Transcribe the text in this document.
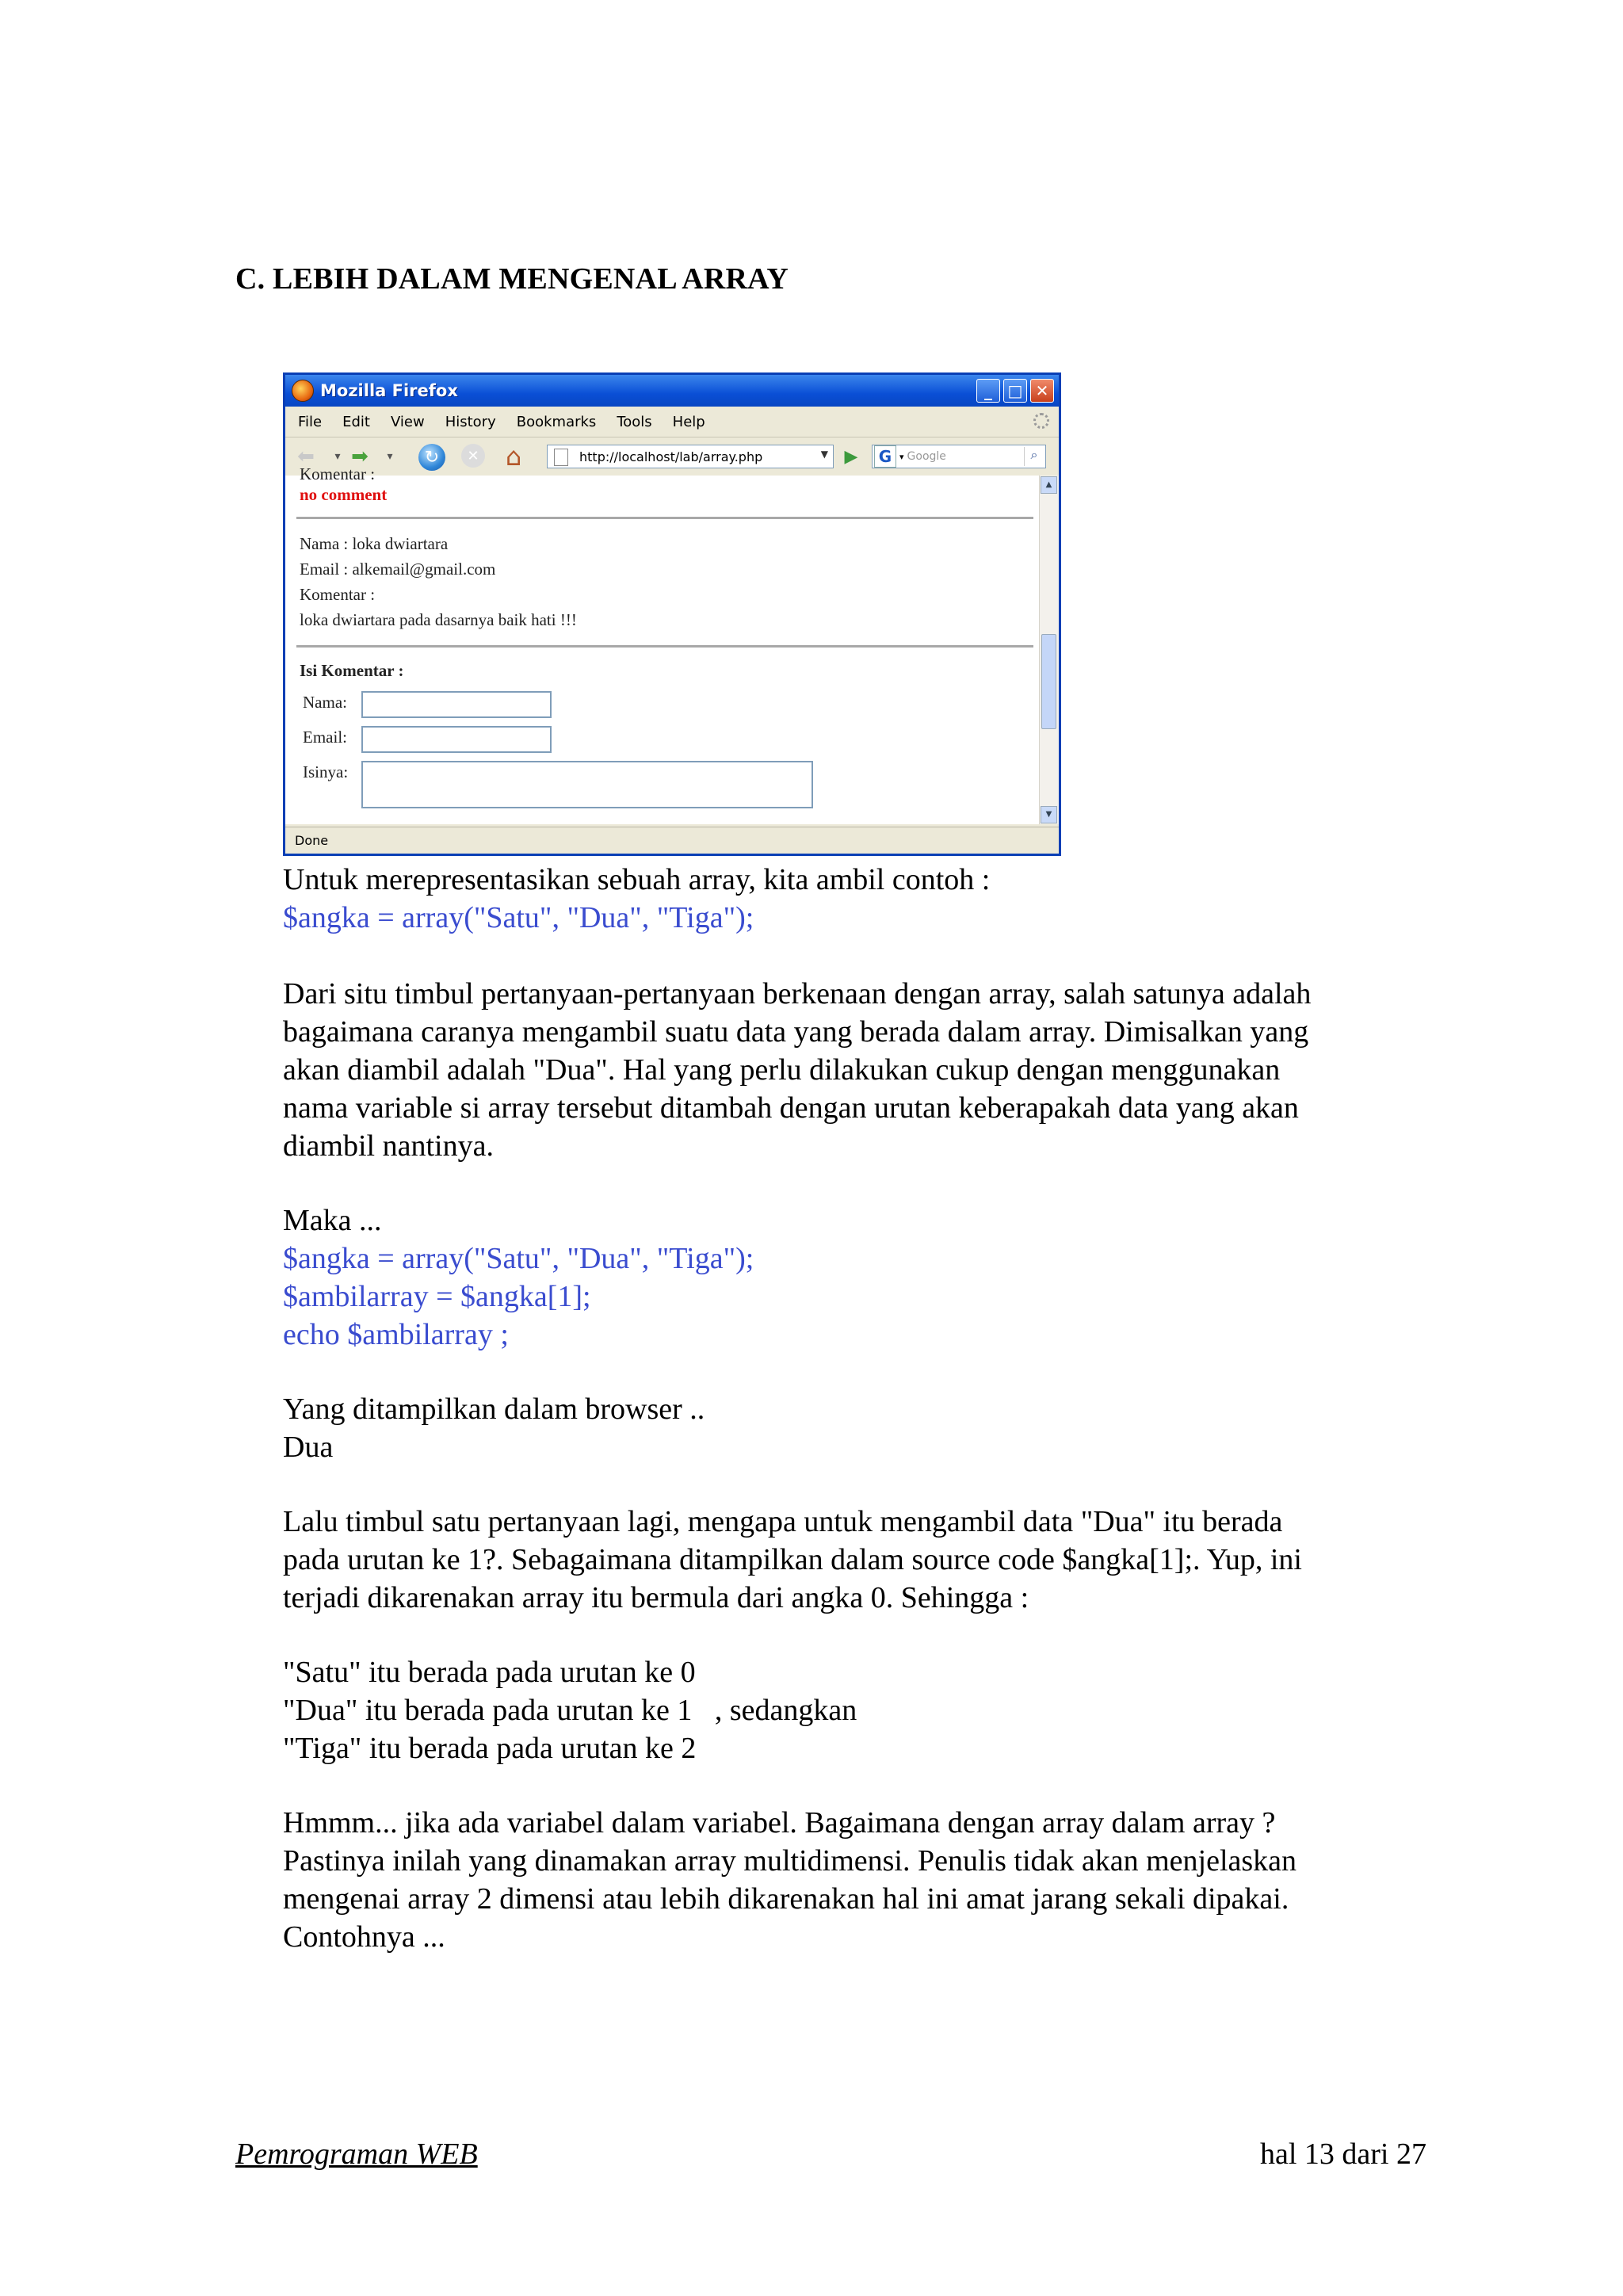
C. LEBIH DALAM MENGENAL ARRAY
Mozilla Firefox	_ □ ✕
File Edit View History Bookmarks Tools Help
⬅	▾ ➡	▾	↻	✕ ⌂	http://localhost/lab/array.php	▼ ▶	G ▾ Google	⌕
Komentar :
no comment
Nama : loka dwiartara
Email : alkemail@gmail.com
Komentar :
loka dwiartara pada dasarnya baik hati !!!
Isi Komentar :
Nama:
Email:
Isinya:
▲
▼
Done
Untuk merepresentasikan sebuah array, kita ambil contoh :
$angka = array("Satu", "Dua", "Tiga");
Dari situ timbul pertanyaan-pertanyaan berkenaan dengan array, salah satunya adalah
bagaimana caranya mengambil suatu data yang berada dalam array. Dimisalkan yang
akan diambil adalah "Dua". Hal yang perlu dilakukan cukup dengan menggunakan
nama variable si array tersebut ditambah dengan urutan keberapakah data yang akan
diambil nantinya.
Maka ...
$angka = array("Satu", "Dua", "Tiga");
$ambilarray = $angka[1];
echo $ambilarray ;
Yang ditampilkan dalam browser ..
Dua
Lalu timbul satu pertanyaan lagi, mengapa untuk mengambil data "Dua" itu berada
pada urutan ke 1?. Sebagaimana ditampilkan dalam source code $angka[1];. Yup, ini
terjadi dikarenakan array itu bermula dari angka 0. Sehingga :
"Satu" itu berada pada urutan ke 0
"Dua" itu berada pada urutan ke 1   , sedangkan
"Tiga" itu berada pada urutan ke 2
Hmmm... jika ada variabel dalam variabel. Bagaimana dengan array dalam array ?
Pastinya inilah yang dinamakan array multidimensi. Penulis tidak akan menjelaskan
mengenai array 2 dimensi atau lebih dikarenakan hal ini amat jarang sekali dipakai.
Contohnya ...
Pemrograman WEB	hal 13 dari 27
